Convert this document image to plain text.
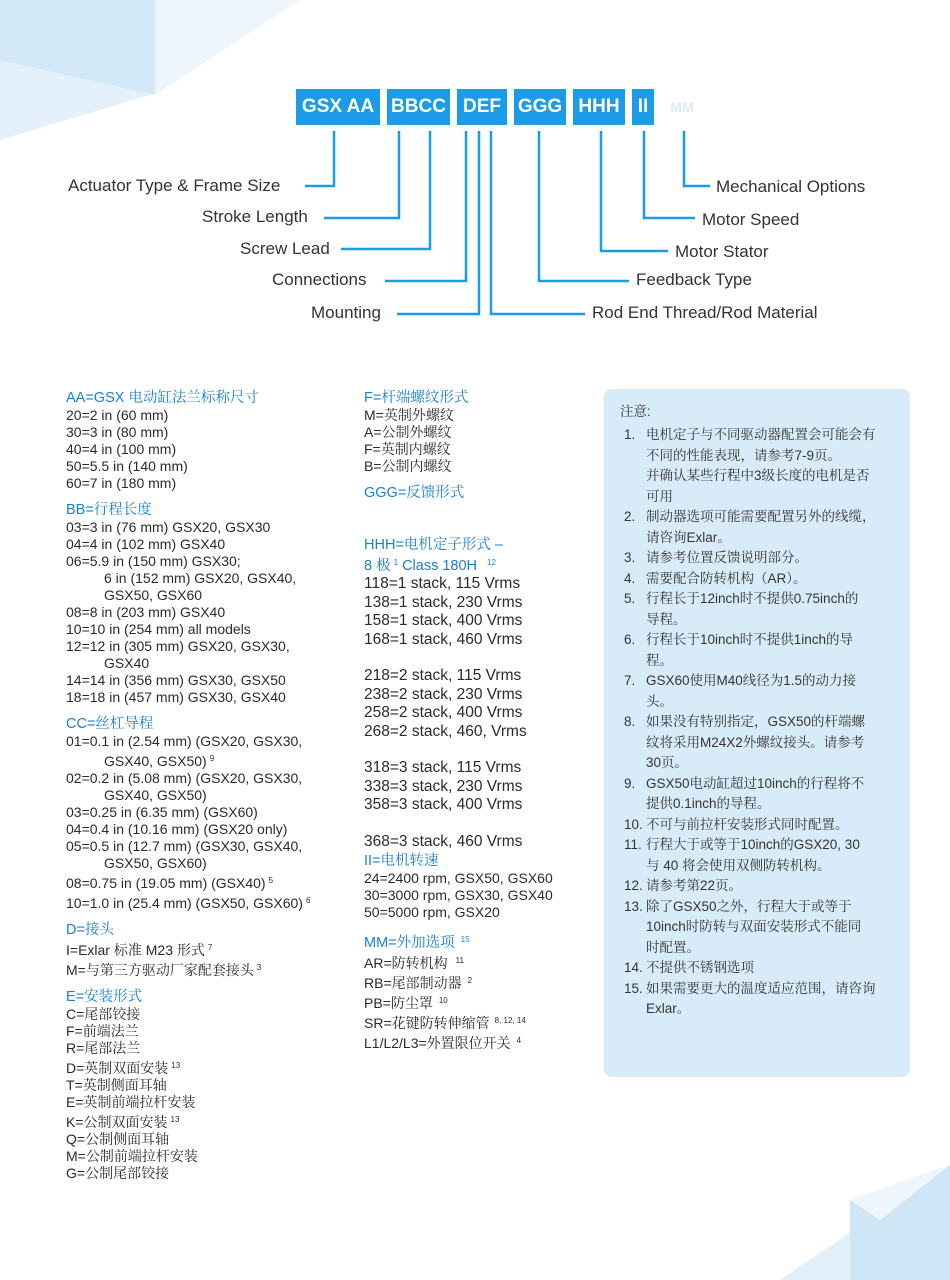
GSX AA BBCC DEF GGG HHH II	MM
Actuator Type & Frame Size
Stroke Length
Screw Lead
Connections
Mounting
Mechanical Options
Motor Speed
Motor Stator
Feedback Type
Rod End Thread/Rod Material
AA=GSX 电动缸法兰标称尺寸
20=2 in (60 mm)
30=3 in (80 mm)
40=4 in (100 mm)
50=5.5 in (140 mm)
60=7 in (180 mm)
BB=行程长度
03=3 in (76 mm) GSX20, GSX30
04=4 in (102 mm) GSX40
06=5.9 in (150 mm) GSX30;
6 in (152 mm) GSX20, GSX40,
GSX50, GSX60
08=8 in (203 mm) GSX40
10=10 in (254 mm) all models
12=12 in (305 mm) GSX20, GSX30,
GSX40
14=14 in (356 mm) GSX30, GSX50
18=18 in (457 mm) GSX30, GSX40
CC=丝杠导程
01=0.1 in (2.54 mm) (GSX20, GSX30,
GSX40, GSX50) $^9$
02=0.2 in (5.08 mm) (GSX20, GSX30,
GSX40, GSX50)
03=0.25 in (6.35 mm) (GSX60)
04=0.4 in (10.16 mm) (GSX20 only)
05=0.5 in (12.7 mm) (GSX30, GSX40,
GSX50, GSX60)
08=0.75 in (19.05 mm) (GSX40) $^5$
10=1.0 in (25.4 mm) (GSX50, GSX60) $^6$
D=接头
I=Exlar 标准 M23 形式 $^7$
M=与第三方驱动厂家配套接头 $^3$
E=安装形式
C=尾部铰接
F=前端法兰
R=尾部法兰
D=英制双面安装 $^{13}$
T=英制侧面耳轴
E=英制前端拉杆安装
K=公制双面安装 $^{13}$
Q=公制侧面耳轴
M=公制前端拉杆安装
G=公制尾部铰接
F=杆端螺纹形式
M=英制外螺纹
A=公制外螺纹
F=英制内螺纹
B=公制内螺纹
GGG=反馈形式
HHH=电机定子形式 –
8 极 $^1$ Class 180H $^{12}$
118=1 stack, 115 Vrms
138=1 stack, 230 Vrms
158=1 stack, 400 Vrms
168=1 stack, 460 Vrms
218=2 stack, 115 Vrms
238=2 stack, 230 Vrms
258=2 stack, 400 Vrms
268=2 stack, 460, Vrms
318=3 stack, 115 Vrms
338=3 stack, 230 Vrms
358=3 stack, 400 Vrms
368=3 stack, 460 Vrms
II=电机转速
24=2400 rpm, GSX50, GSX60
30=3000 rpm, GSX30, GSX40
50=5000 rpm, GSX20
MM=外加选项 $^{15}$
AR=防转机构 $^{11}$
RB=尾部制动器 $^2$
PB=防尘罩 $^{10}$
SR=花键防转伸缩管 $^{8, 12, 14}$
L1/L2/L3=外置限位开关 $^4$
注意:
1. 电机定子与不同驱动器配置会可能会有
不同的性能表现，请参考7-9页。
并确认某些行程中3级长度的电机是否
可用
2. 制动器选项可能需要配置另外的线缆，
请咨询Exlar。
3. 请参考位置反馈说明部分。
4. 需要配合防转机构（AR）。
5. 行程长于12inch时不提供0.75inch的
导程。
6. 行程长于10inch时不提供1inch的导
程。
7. GSX60使用M40线径为1.5的动力接
头。
8. 如果没有特别指定，GSX50的杆端螺
纹将采用M24X2外螺纹接头。请参考
30页。
9. GSX50电动缸超过10inch的行程将不
提供0.1inch的导程。
10. 不可与前拉杆安装形式同时配置。
11. 行程大于或等于10inch的GSX20, 30
与 40 将会使用双侧防转机构。
12. 请参考第22页。
13. 除了GSX50之外，行程大于或等于
10inch时防转与双面安装形式不能同
时配置。
14. 不提供不锈钢选项
15. 如果需要更大的温度适应范围，请咨询
Exlar。
